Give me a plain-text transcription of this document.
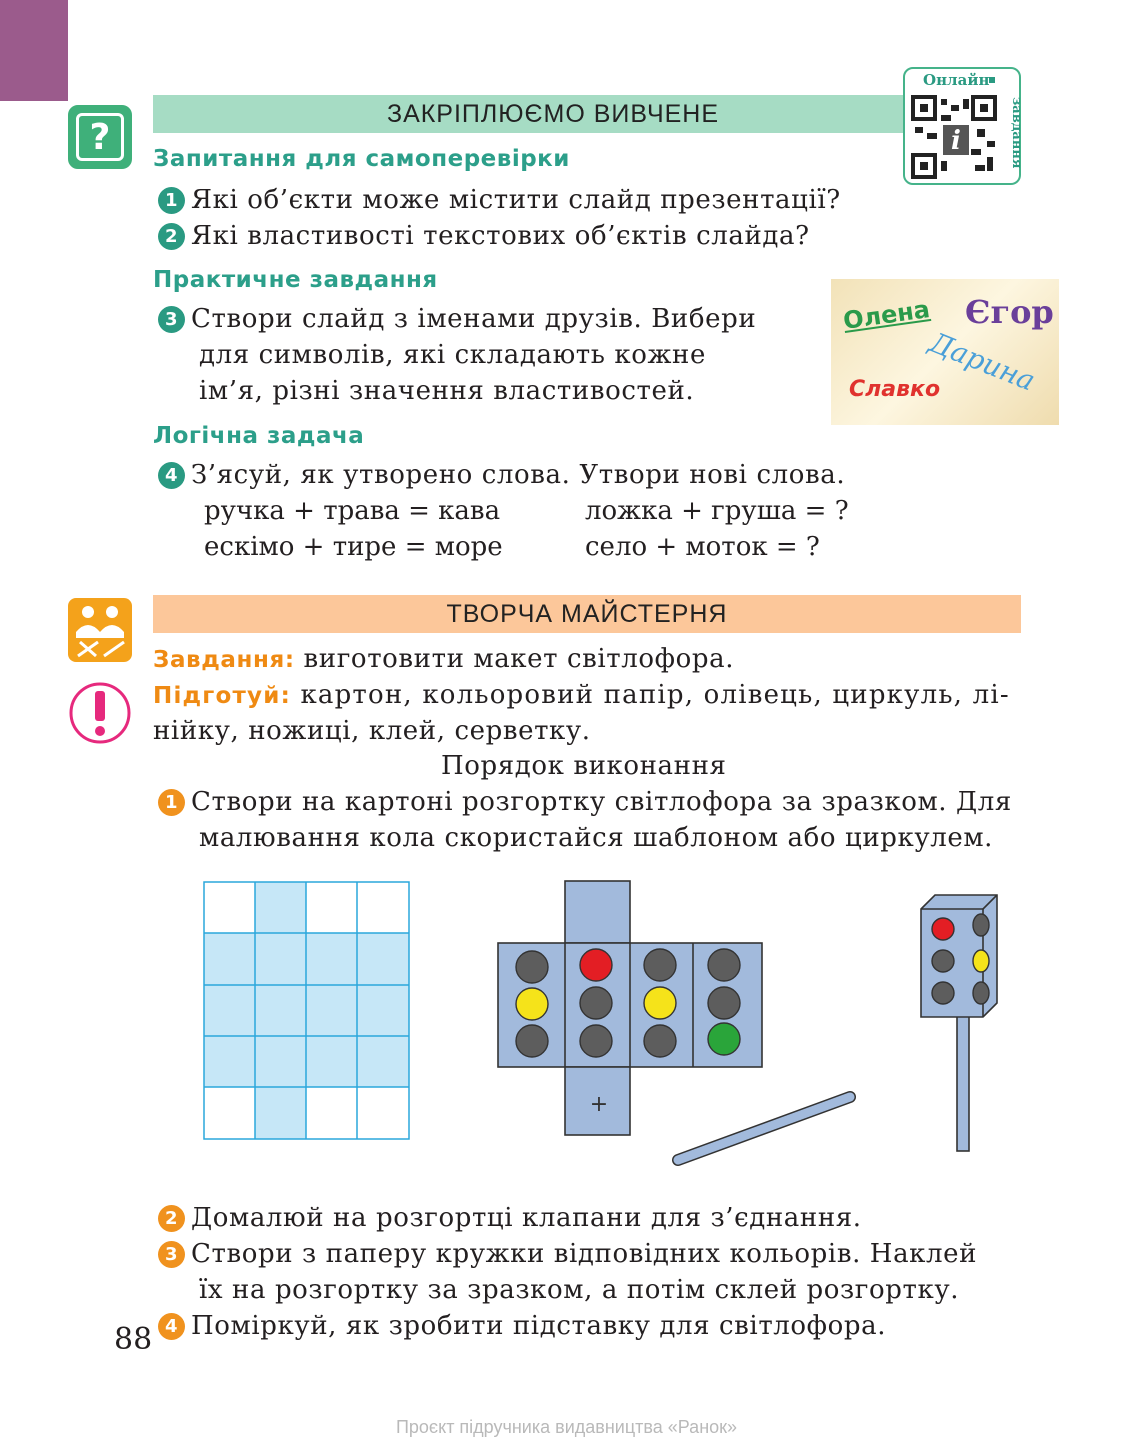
?
ЗАКРІПЛЮЄМО ВИВЧЕНЕ
Онлайн
завдання
i
Запитання для самоперевірки
1 Які об’єкти може містити слайд презентації?
2 Які властивості текстових об’єктів слайда?
Практичне завдання
3 Створи слайд з іменами друзів. Вибери
для символів, які складають кожне
ім’я, різні значення властивостей.
Олена Єгор
Дарина
Славко
Логічна задача
4 З’ясуй, як утворено слова. Утвори нові слова.
ручка + трава = кава	ложка + груша = ?
ескімо + тире = море	село + моток = ?
ТВОРЧА МАЙСТЕРНЯ
Завдання: виготовити макет світлофора.
Підготуй: картон, кольоровий папір, олівець, циркуль, лі-
нійку, ножиці, клей, серветку.
Порядок виконання
1 Створи на картоні розгортку світлофора за зразком. Для
малювання кола скористайся шаблоном або циркулем.
+
2 Домалюй на розгортці клапани для з’єднання.
3 Створи з паперу кружки відповідних кольорів. Наклей
їх на розгортку за зразком, а потім склей розгортку.
4 Поміркуй, як зробити підставку для світлофора.
88
Проєкт підручника видавництва «Ранок»
